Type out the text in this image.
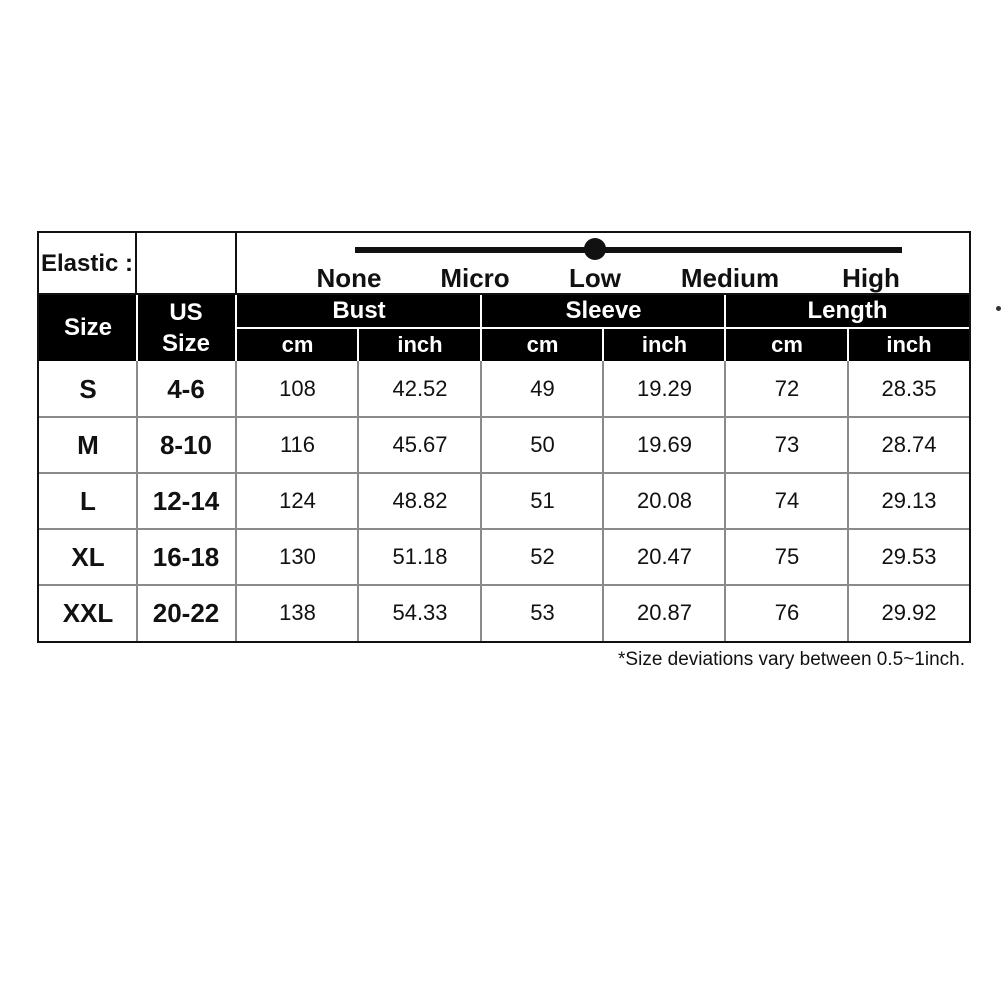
Elastic :	None Micro Low Medium High
Size
US
Size
Bust	Sleeve	Length
cm	inch	cm	inch	cm	inch
S	4-6	108	42.52	49	19.29	72	28.35
M	8-10	116	45.67	50	19.69	73	28.74
L	12-14	124	48.82	51	20.08	74	29.13
XL	16-18	130	51.18	52	20.47	75	29.53
XXL	20-22	138	54.33	53	20.87	76	29.92
*Size deviations vary between 0.5~1inch.
